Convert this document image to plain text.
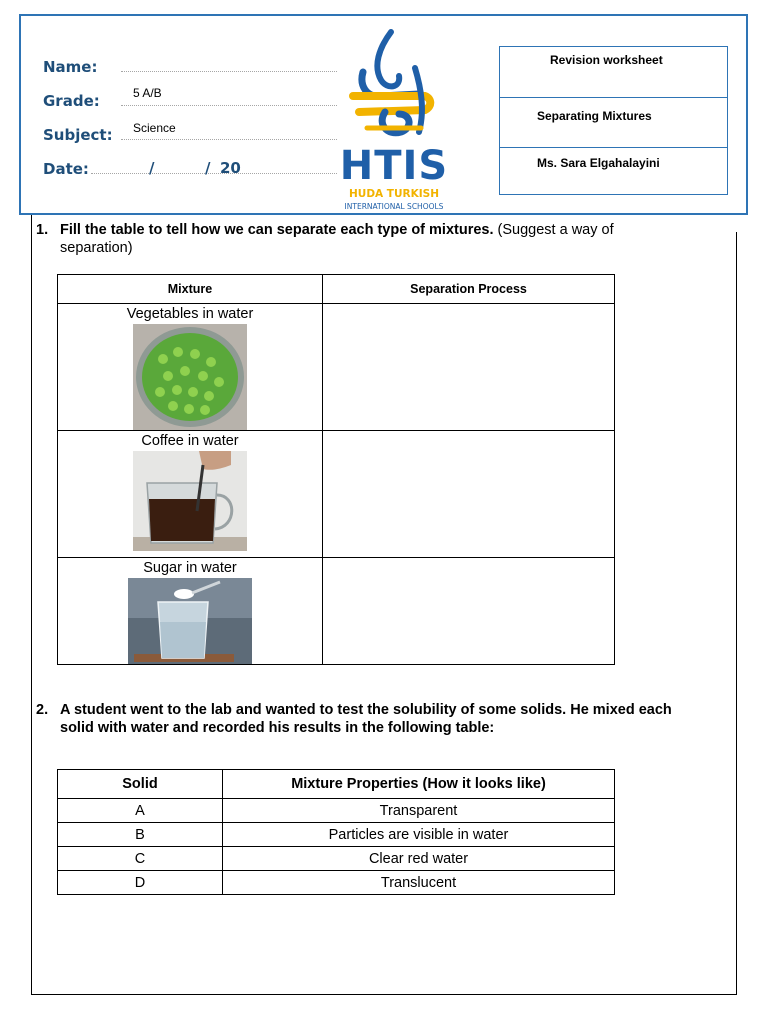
Name:
Grade:	5 A/B
Subject: Science
Date:	/	/ 20 HTIS
HUDA TURKISH
INTERNATIONAL SCHOOLS
Revision worksheet
Separating Mixtures
Ms. Sara Elgahalayini
1. Fill the table to tell how we can separate each type of mixtures. (Suggest a way of
separation)
Mixture	Separation Process

Vegetables in water	

Coffee in water	

Sugar in water	

2. A student went to the lab and wanted to test the solubility of some solids. He mixed each
solid with water and recorded his results in the following table:
Solid	Mixture Properties (How it looks like)
A	Transparent
B	Particles are visible in water
C	Clear red water
D	Translucent
